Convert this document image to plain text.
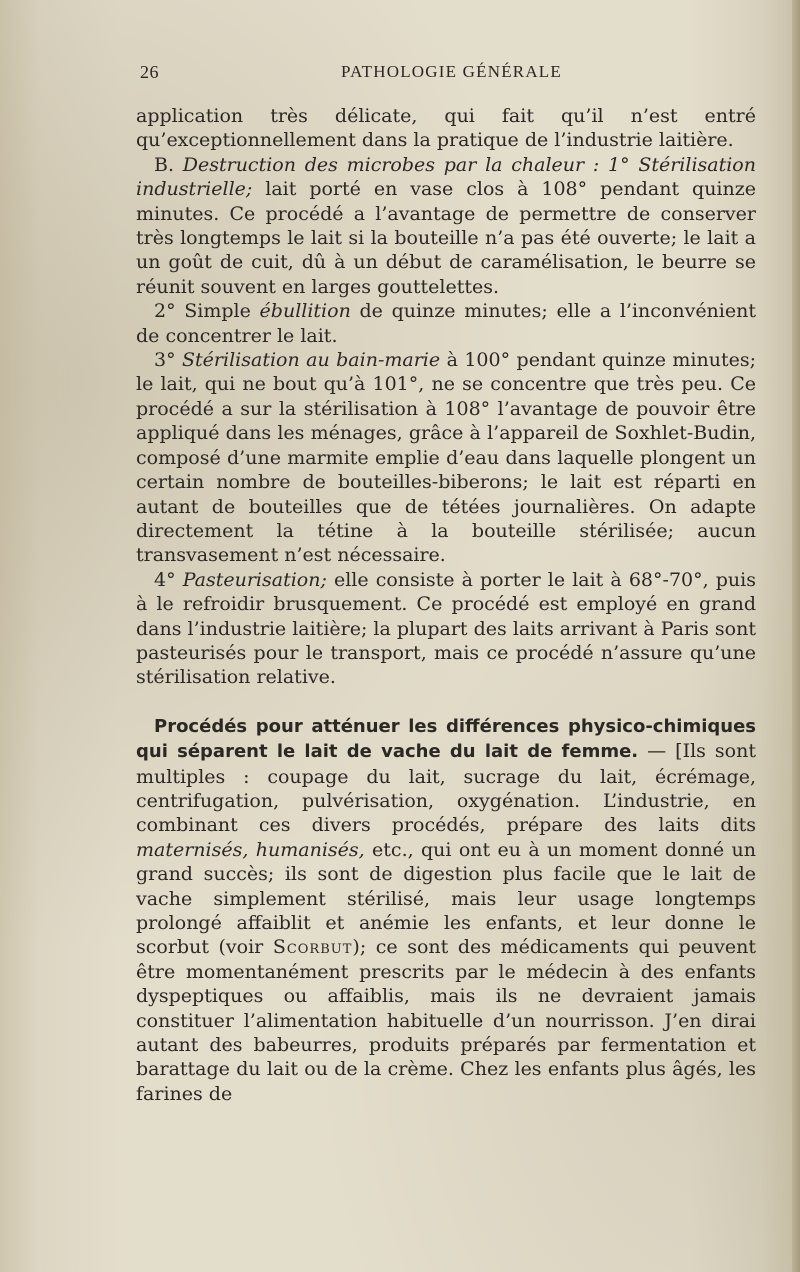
26	PATHOLOGIE GÉNÉRALE

application très délicate, qui fait qu’il n’est entré qu’exceptionnellement dans la pratique de l’industrie laitière.

B. Destruction des microbes par la chaleur : 1° Stérilisation industrielle; lait porté en vase clos à 108° pendant quinze minutes. Ce procédé a l’avantage de permettre de conserver très longtemps le lait si la bouteille n’a pas été ouverte; le lait a un goût de cuit, dû à un début de caramélisation, le beurre se réunit souvent en larges gouttelettes.

2° Simple ébullition de quinze minutes; elle a l’inconvénient de concentrer le lait.

3° Stérilisation au bain-marie à 100° pendant quinze minutes; le lait, qui ne bout qu’à 101°, ne se concentre que très peu. Ce procédé a sur la stérilisation à 108° l’avantage de pouvoir être appliqué dans les ménages, grâce à l’appareil de Soxhlet-Budin, composé d’une marmite emplie d’eau dans laquelle plongent un certain nombre de bouteilles-biberons; le lait est réparti en autant de bouteilles que de tétées journalières. On adapte directement la tétine à la bouteille stérilisée; aucun transvasement n’est nécessaire.

4° Pasteurisation; elle consiste à porter le lait à 68°-70°, puis à le refroidir brusquement. Ce procédé est employé en grand dans l’industrie laitière; la plupart des laits arrivant à Paris sont pasteurisés pour le transport, mais ce procédé n’assure qu’une stérilisation relative.

Procédés pour atténuer les différences physico-chimiques qui séparent le lait de vache du lait de femme. — [Ils sont multiples : coupage du lait, sucrage du lait, écrémage, centrifugation, pulvérisation, oxygénation. L’industrie, en combinant ces divers procédés, prépare des laits dits maternisés, humanisés, etc., qui ont eu à un moment donné un grand succès; ils sont de digestion plus facile que le lait de vache simplement stérilisé, mais leur usage longtemps prolongé affaiblit et anémie les enfants, et leur donne le scorbut (voir Scorbut); ce sont des médicaments qui peuvent être momentanément prescrits par le médecin à des enfants dyspeptiques ou affaiblis, mais ils ne devraient jamais constituer l’alimentation habituelle d’un nourrisson. J’en dirai autant des babeurres, produits préparés par fermentation et barattage du lait ou de la crème. Chez les enfants plus âgés, les farines de
